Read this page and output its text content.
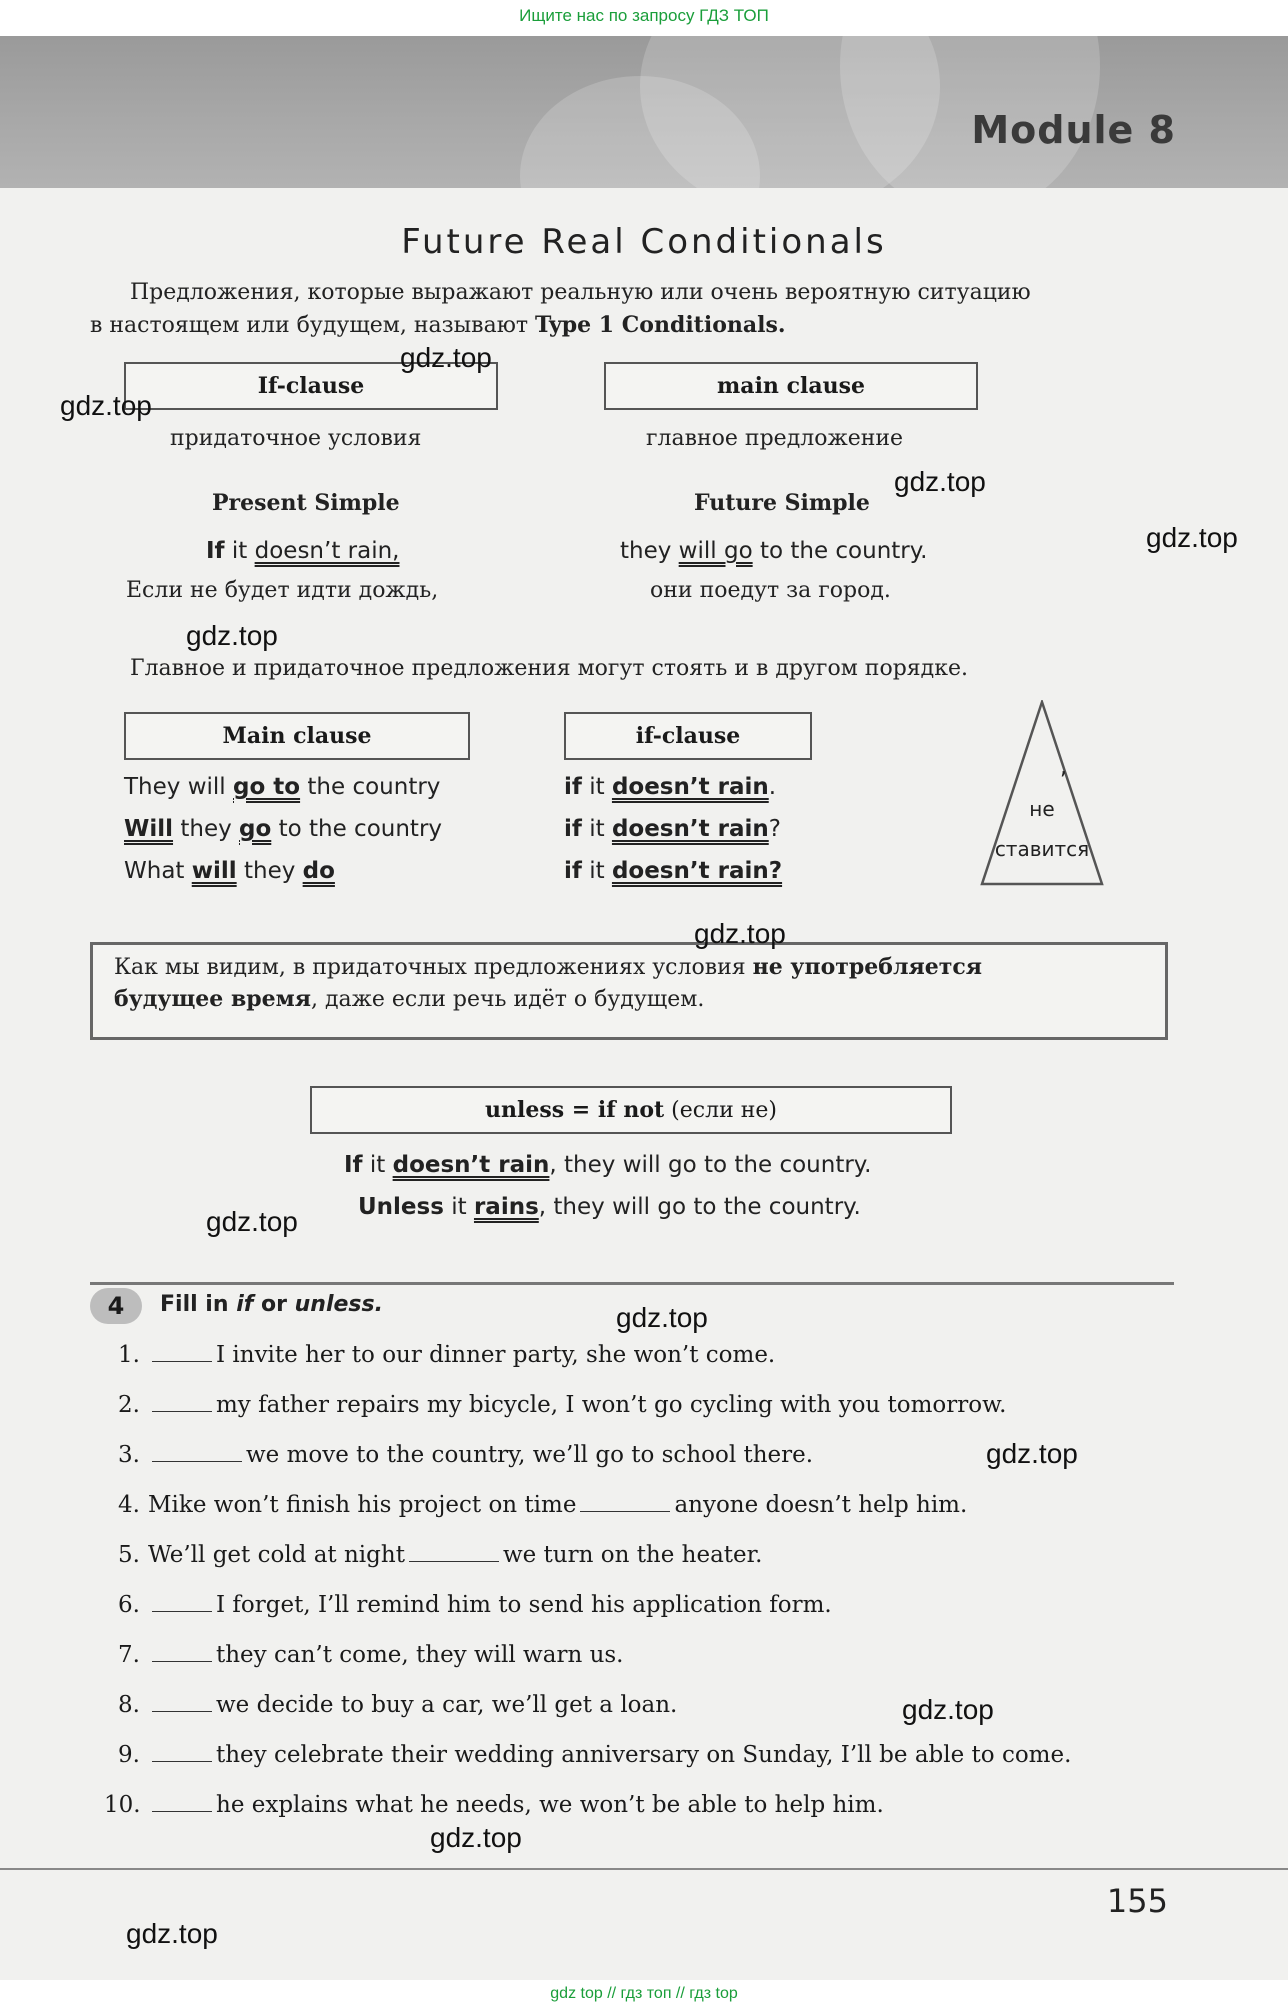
Ищите нас по запросу ГДЗ ТОП
Module 8
Future Real Conditionals
Предложения, которые выражают реальную или очень вероятную ситуацию
в настоящем или будущем, называют Type 1 Conditionals.
If-clause	main clause
придаточное условия	главное предложение
Present Simple	Future Simple
If it doesn’t rain,	they will go to the country.
Если не будет идти дождь,	они поедут за город.
Главное и придаточное предложения могут стоять и в другом порядке.
Main clause	if-clause
They will go to the country	if it doesn’t rain.
Will they go to the country	if it doesn’t rain?
What will they do	if it doesn’t rain?
,
не
ставится
Как мы видим, в придаточных предложениях условия не употребляется
будущее время, даже если речь идёт о будущем.
unless = if not (если не)
If it doesn’t rain, they will go to the country.
Unless it rains, they will go to the country.
4	Fill in if or unless.
1.	I invite her to our dinner party, she won’t come.
2.	my father repairs my bicycle, I won’t go cycling with you tomorrow.
3.	we move to the country, we’ll go to school there.
4. Mike won’t finish his project on time	anyone doesn’t help him.
5. We’ll get cold at night	we turn on the heater.
6.	I forget, I’ll remind him to send his application form.
7.	they can’t come, they will warn us.
8.	we decide to buy a car, we’ll get a loan.
9.	they celebrate their wedding anniversary on Sunday, I’ll be able to come.
10.	he explains what he needs, we won’t be able to help him.
155
gdz.top
gdz.top
gdz.top
gdz.top
gdz.top
gdz.top
gdz.top
gdz.top
gdz.top
gdz.top
gdz.top
gdz.top
gdz top // гдз топ // гдз top
